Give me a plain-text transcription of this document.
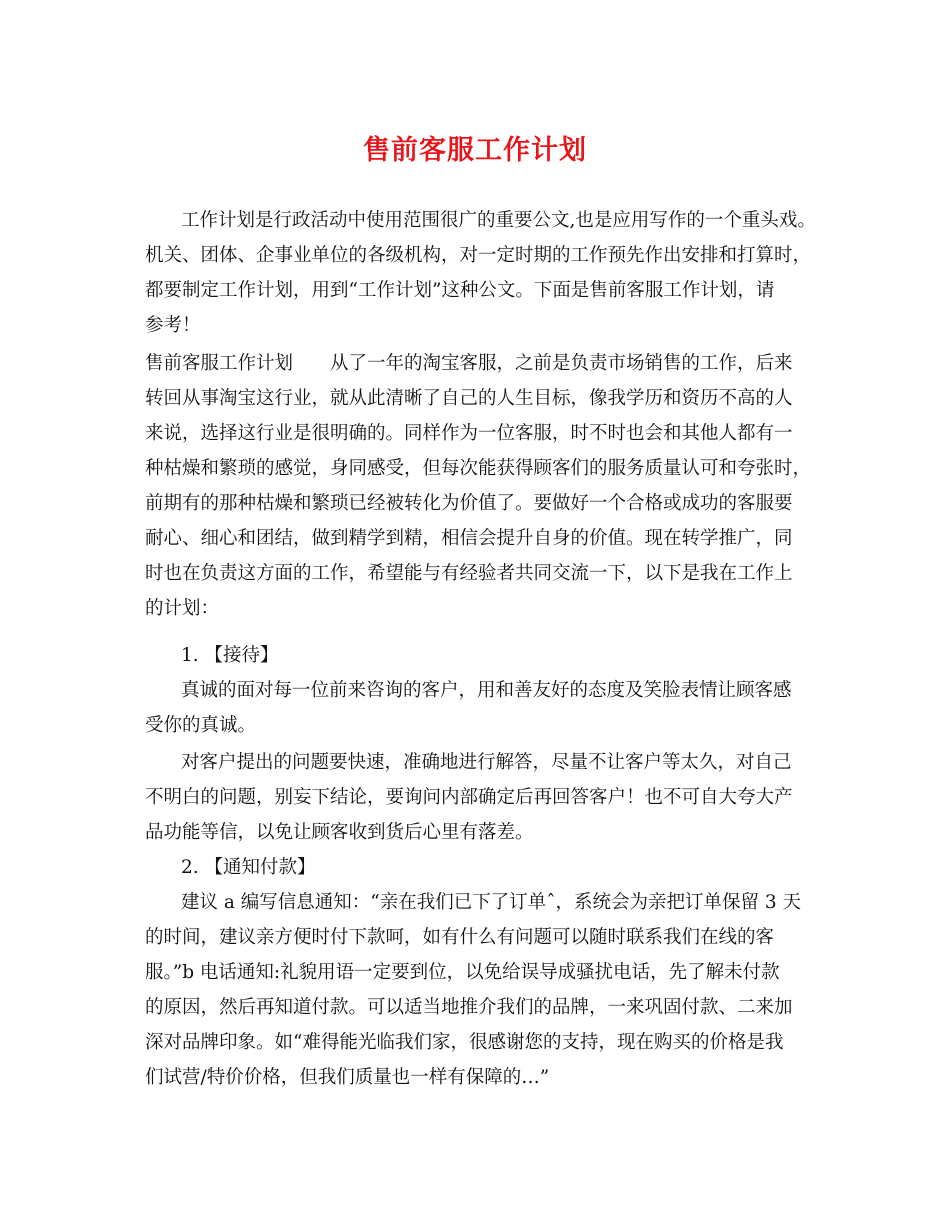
售前客服工作计划
工作计划是行政活动中使用范围很广的重要公文,也是应用写作的一个重头戏。
机关、团体、企事业单位的各级机构，对一定时期的工作预先作出安排和打算时，
都要制定工作计划，用到“工作计划”这种公文。下面是售前客服工作计划，请
参考！
售前客服工作计划　　从了一年的淘宝客服，之前是负责市场销售的工作，后来
转回从事淘宝这行业，就从此清晰了自己的人生目标，像我学历和资历不高的人
来说，选择这行业是很明确的。同样作为一位客服，时不时也会和其他人都有一
种枯燥和繁琐的感觉，身同感受，但每次能获得顾客们的服务质量认可和夸张时，
前期有的那种枯燥和繁琐已经被转化为价值了。要做好一个合格或成功的客服要
耐心、细心和团结，做到精学到精，相信会提升自身的价值。现在转学推广，同
时也在负责这方面的工作，希望能与有经验者共同交流一下，以下是我在工作上
的计划：
1. 【接待】
真诚的面对每一位前来咨询的客户，用和善友好的态度及笑脸表情让顾客感
受你的真诚。
对客户提出的问题要快速，准确地进行解答，尽量不让客户等太久，对自己
不明白的问题，别妄下结论，要询问内部确定后再回答客户！也不可自大夸大产
品功能等信，以免让顾客收到货后心里有落差。
2. 【通知付款】
建议 a 编写信息通知：“亲在我们已下了订单ˆ，系统会为亲把订单保留 3 天
的时间，建议亲方便时付下款呵，如有什么有问题可以随时联系我们在线的客
服。”b 电话通知:礼貌用语一定要到位，以免给误导成骚扰电话，先了解未付款
的原因，然后再知道付款。可以适当地推介我们的品牌，一来巩固付款、二来加
深对品牌印象。如“难得能光临我们家，很感谢您的支持，现在购买的价格是我
们试营/特价价格，但我们质量也一样有保障的…”
